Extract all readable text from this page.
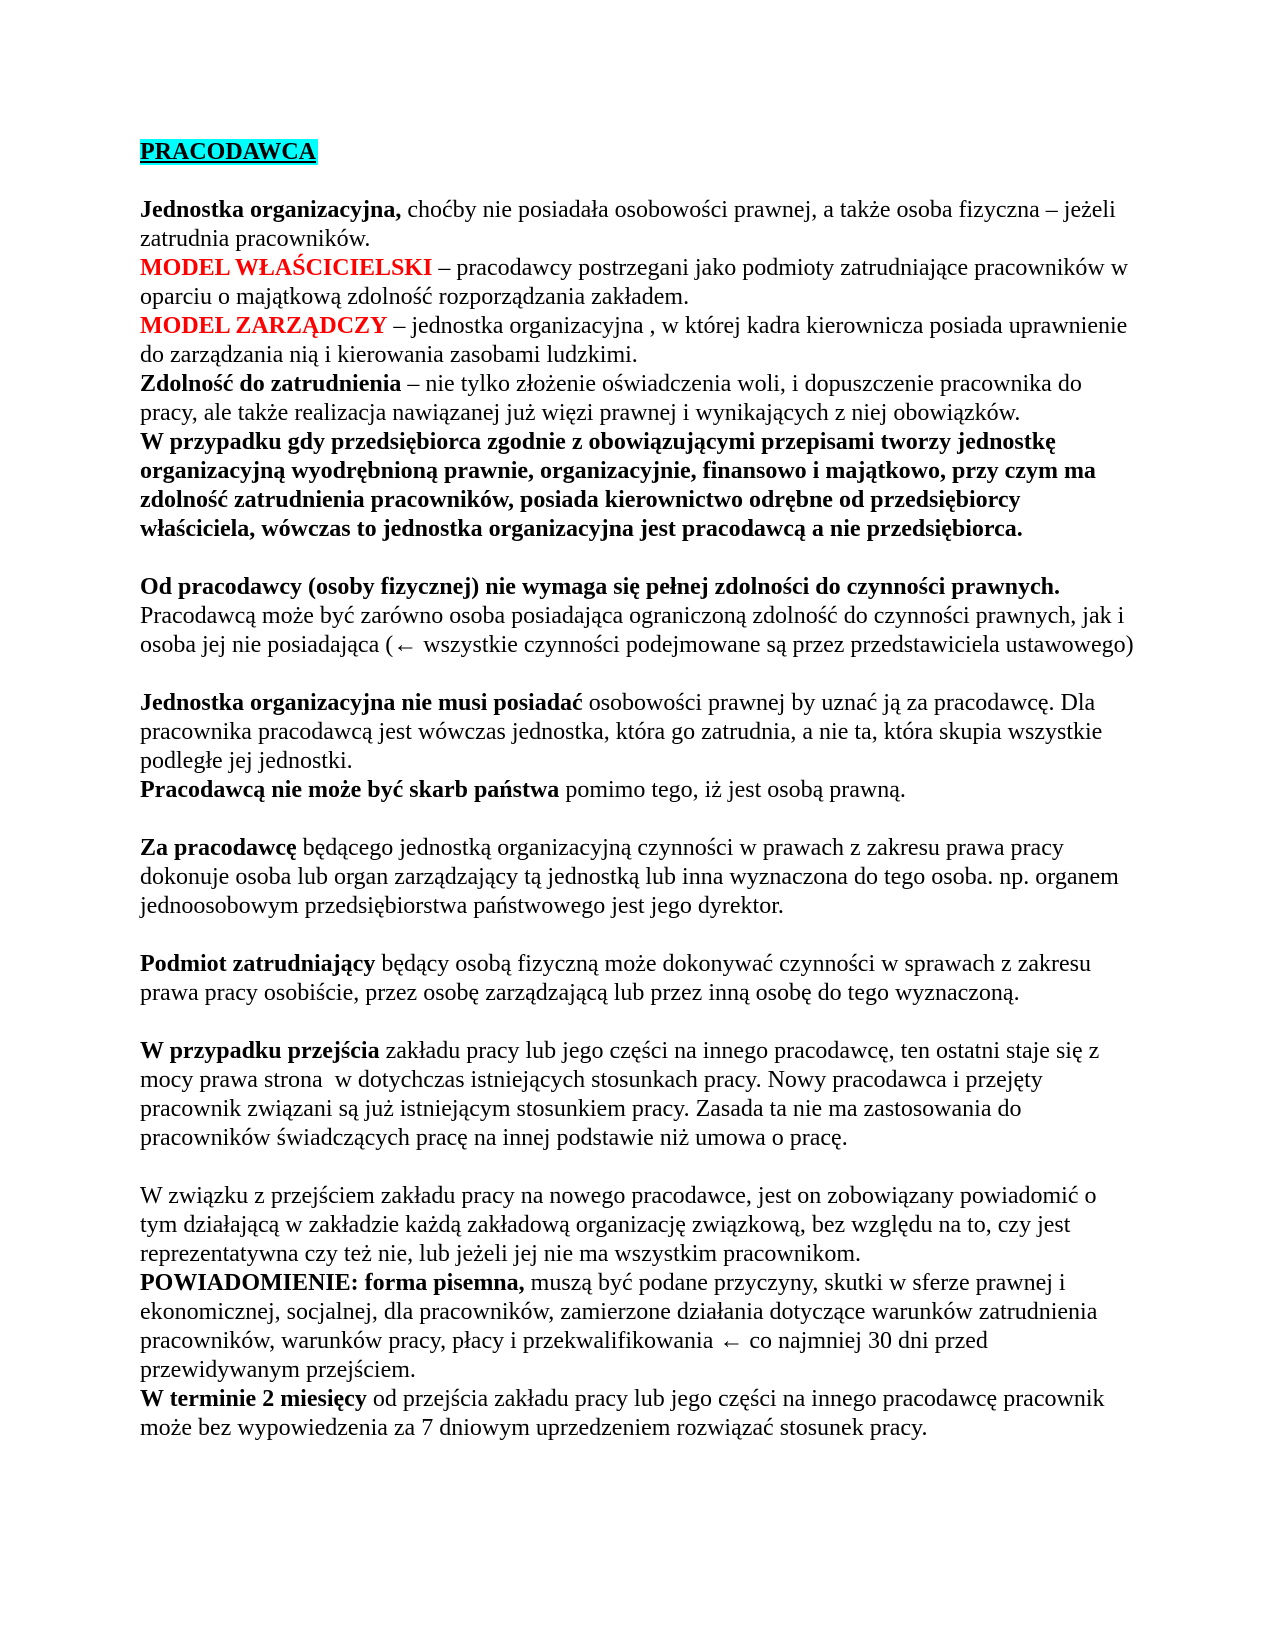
PRACODAWCA

Jednostka organizacyjna, choćby nie posiadała osobowości prawnej, a także osoba fizyczna – jeżeli zatrudnia pracowników.

MODEL WŁAŚCICIELSKI – pracodawcy postrzegani jako podmioty zatrudniające pracowników w oparciu o majątkową zdolność rozporządzania zakładem.

MODEL ZARZĄDCZY – jednostka organizacyjna , w której kadra kierownicza posiada uprawnienie do zarządzania nią i kierowania zasobami ludzkimi.

Zdolność do zatrudnienia – nie tylko złożenie oświadczenia woli, i dopuszczenie pracownika do pracy, ale także realizacja nawiązanej już więzi prawnej i wynikających z niej obowiązków.

W przypadku gdy przedsiębiorca zgodnie z obowiązującymi przepisami tworzy jednostkę organizacyjną wyodrębnioną prawnie, organizacyjnie, finansowo i majątkowo, przy czym ma zdolność zatrudnienia pracowników, posiada kierownictwo odrębne od przedsiębiorcy właściciela, wówczas to jednostka organizacyjna jest pracodawcą a nie przedsiębiorca.

Od pracodawcy (osoby fizycznej) nie wymaga się pełnej zdolności do czynności prawnych. Pracodawcą może być zarówno osoba posiadająca ograniczoną zdolność do czynności prawnych, jak i osoba jej nie posiadająca (← wszystkie czynności podejmowane są przez przedstawiciela ustawowego)

Jednostka organizacyjna nie musi posiadać osobowości prawnej by uznać ją za pracodawcę. Dla pracownika pracodawcą jest wówczas jednostka, która go zatrudnia, a nie ta, która skupia wszystkie podległe jej jednostki.

Pracodawcą nie może być skarb państwa pomimo tego, iż jest osobą prawną.

Za pracodawcę będącego jednostką organizacyjną czynności w prawach z zakresu prawa pracy dokonuje osoba lub organ zarządzający tą jednostką lub inna wyznaczona do tego osoba. np. organem jednoosobowym przedsiębiorstwa państwowego jest jego dyrektor.

Podmiot zatrudniający będący osobą fizyczną może dokonywać czynności w sprawach z zakresu prawa pracy osobiście, przez osobę zarządzającą lub przez inną osobę do tego wyznaczoną.

W przypadku przejścia zakładu pracy lub jego części na innego pracodawcę, ten ostatni staje się z mocy prawa strona  w dotychczas istniejących stosunkach pracy. Nowy pracodawca i przejęty pracownik związani są już istniejącym stosunkiem pracy. Zasada ta nie ma zastosowania do pracowników świadczących pracę na innej podstawie niż umowa o pracę.

W związku z przejściem zakładu pracy na nowego pracodawce, jest on zobowiązany powiadomić o tym działającą w zakładzie każdą zakładową organizację związkową, bez względu na to, czy jest reprezentatywna czy też nie, lub jeżeli jej nie ma wszystkim pracownikom.

POWIADOMIENIE: forma pisemna, muszą być podane przyczyny, skutki w sferze prawnej i ekonomicznej, socjalnej, dla pracowników, zamierzone działania dotyczące warunków zatrudnienia pracowników, warunków pracy, płacy i przekwalifikowania ← co najmniej 30 dni przed przewidywanym przejściem.

W terminie 2 miesięcy od przejścia zakładu pracy lub jego części na innego pracodawcę pracownik może bez wypowiedzenia za 7 dniowym uprzedzeniem rozwiązać stosunek pracy.
